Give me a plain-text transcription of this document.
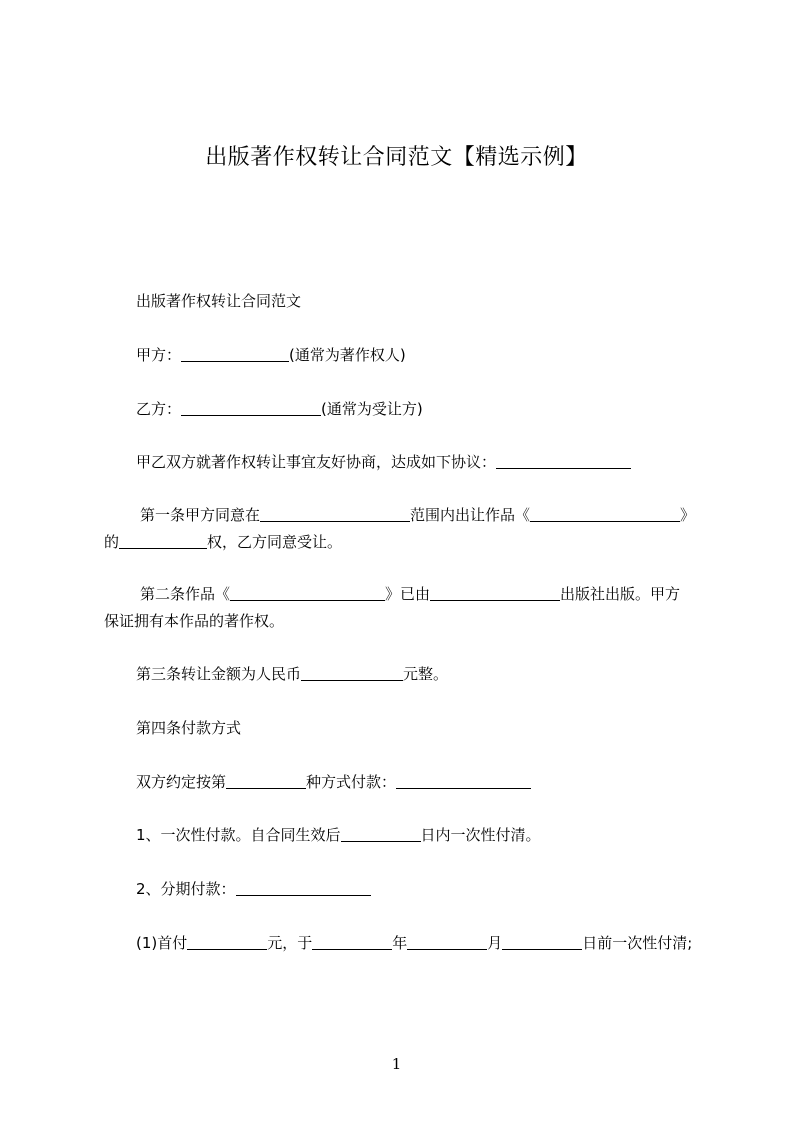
出版著作权转让合同范文【精选示例】
出版著作权转让合同范文
甲方：	(通常为著作权人)
乙方：	(通常为受让方)
甲乙双方就著作权转让事宜友好协商，达成如下协议：
第一条甲方同意在	范围内出让作品《	》
的	权，乙方同意受让。
第二条作品《	》已由	出版社出版。甲方
保证拥有本作品的著作权。
第三条转让金额为人民币	元整。
第四条付款方式
双方约定按第	种方式付款：
1、一次性付款。自合同生效后	日内一次性付清。
2、分期付款：
(1)首付	元，于	年	月	日前一次性付清;
1
